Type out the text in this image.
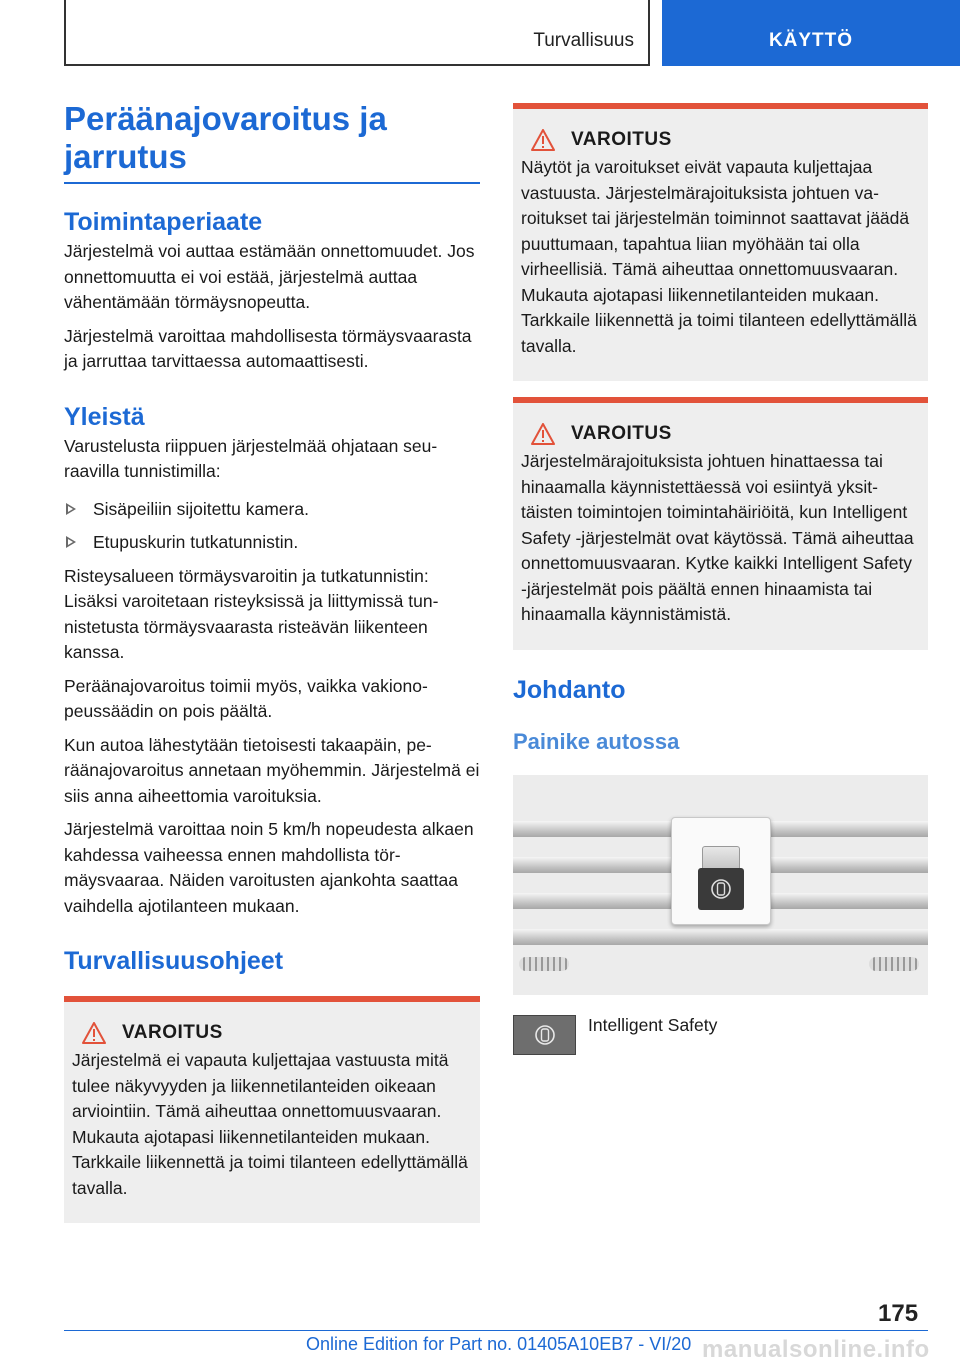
Turvallisuus	KÄYTTÖ
Peräänajovaroitus ja
jarrutus
Toimintaperiaate

Järjestelmä voi auttaa estämään onnettomuudet. Jos onnettomuutta ei voi estää, järjestelmä auttaa vähentämään törmäysnopeutta.

Järjestelmä varoittaa mahdollisesta törmäysvaarasta ja jarruttaa tarvittaessa automaattisesti.

Yleistä

Varustelusta riippuen järjestelmää ohjataan seuraavilla tunnistimilla:

Sisäpeiliin sijoitettu kamera.
Etupuskurin tutkatunnistin.

Risteysalueen törmäysvaroitin ja tutkatunnistin: Lisäksi varoitetaan risteyksissä ja liittymissä tunnistetusta törmäysvaarasta risteävän liikenteen kanssa.

Peräänajovaroitus toimii myös, vaikka vakionopeussäädin on pois päältä.

Kun autoa lähestytään tietoisesti takaapäin, peräänajovaroitus annetaan myöhemmin. Järjestelmä ei siis anna aiheettomia varoituksia.

Järjestelmä varoittaa noin 5 km/h nopeudesta alkaen kahdessa vaiheessa ennen mahdollista törmäysvaaraa. Näiden varoitusten ajankohta saattaa vaihdella ajotilanteen mukaan.

Turvallisuusohjeet
VAROITUS

Järjestelmä ei vapauta kuljettajaa vastuusta mitä tulee näkyvyyden ja liikennetilanteiden oikeaan arviointiin. Tämä aiheuttaa onnettomuusvaaran. Mukauta ajotapasi liikennetilanteiden mukaan. Tarkkaile liikennettä ja toimi tilanteen edellyttämällä tavalla.

VAROITUS

Näytöt ja varoitukset eivät vapauta kuljettajaa vastuusta. Järjestelmärajoituksista johtuen varoitukset tai järjestelmän toiminnot saattavat jäädä puuttumaan, tapahtua liian myöhään tai olla virheellisiä. Tämä aiheuttaa onnettomuusvaaran. Mukauta ajotapasi liikennetilanteiden mukaan. Tarkkaile liikennettä ja toimi tilanteen edellyttämällä tavalla.

VAROITUS

Järjestelmärajoituksista johtuen hinattaessa tai hinaamalla käynnistettäessä voi esiintyä yksittäisten toimintojen toimintahäiriöitä, kun Intelligent Safety -järjestelmät ovat käytössä. Tämä aiheuttaa onnettomuusvaaran. Kytke kaikki Intelligent Safety -järjestelmät pois päältä ennen hinaamista tai hinaamalla käynnistämistä.

Johdanto
Painike autossa
Intelligent Safety
175
Online Edition for Part no. 01405A10EB7 - VI/20 manualsonline.info
